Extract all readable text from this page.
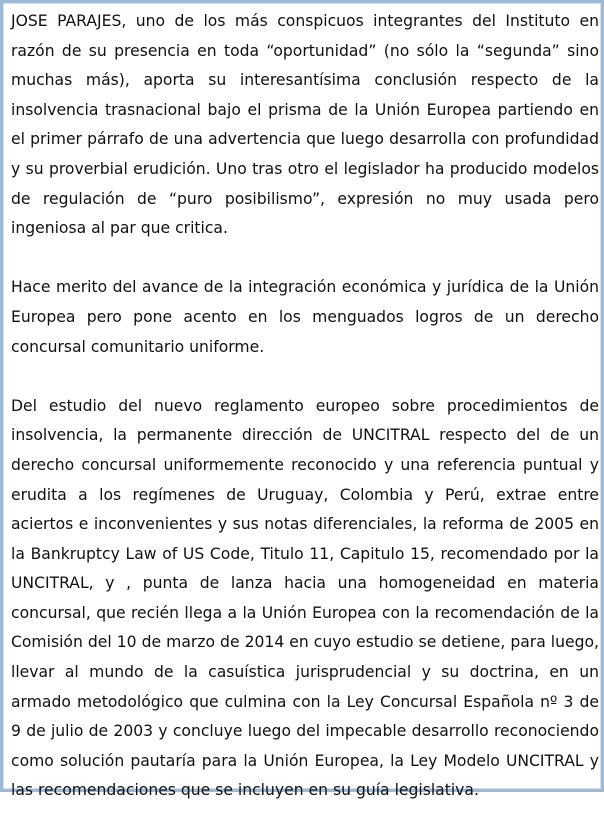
JOSE PARAJES, uno de los más conspicuos integrantes del Instituto en razón de su presencia en toda “oportunidad” (no sólo la “segunda” sino muchas más), aporta su interesantísima conclusión respecto de la insolvencia trasnacional bajo el prisma de la Unión Europea partiendo en el primer párrafo de una advertencia que luego desarrolla con profundidad y su proverbial erudición. Uno tras otro el legislador ha producido modelos de regulación de “puro posibilismo”, expresión no muy usada pero ingeniosa al par que critica.

Hace merito del avance de la integración económica y jurídica de la Unión Europea pero pone acento en los menguados logros de un derecho concursal comunitario uniforme.

Del estudio del nuevo reglamento europeo sobre procedimientos de insolvencia, la permanente dirección de UNCITRAL respecto del de un derecho concursal uniformemente reconocido y una referencia puntual y erudita a los regímenes de Uruguay, Colombia y Perú, extrae entre aciertos e inconvenientes y sus notas diferenciales, la reforma de 2005 en la Bankruptcy Law of US Code, Titulo 11, Capitulo 15, recomendado por la UNCITRAL, y , punta de lanza hacia una homogeneidad en materia concursal, que recién llega a la Unión Europea con la recomendación de la Comisión del 10 de marzo de 2014 en cuyo estudio se detiene, para luego, llevar al mundo de la casuística jurisprudencial y su doctrina, en un armado metodológico que culmina con la Ley Concursal Española nº 3 de 9 de julio de 2003 y concluye luego del impecable desarrollo reconociendo como solución pautaría para la Unión Europea, la Ley Modelo UNCITRAL y las recomendaciones que se incluyen en su guía legislativa.
